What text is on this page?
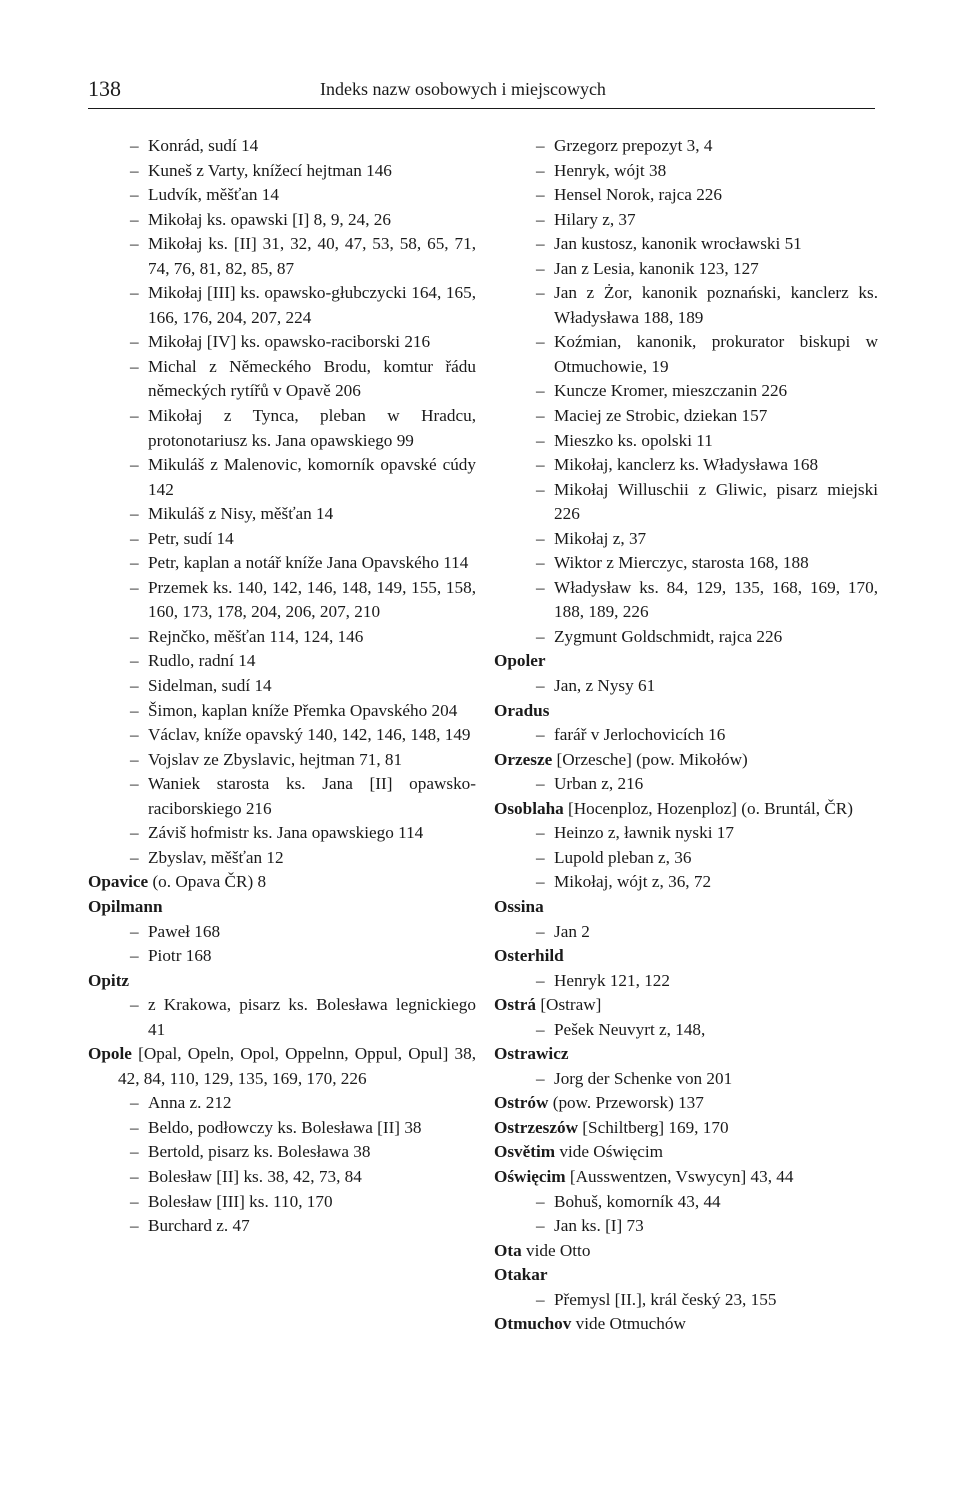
138	Indeks nazw osobowych i miejscowych

– Konrád, sudí 14

– Kuneš z Varty, knížecí hejtman 146

– Ludvík, měšťan 14

– Mikołaj ks. opawski [I] 8, 9, 24, 26

– Mikołaj ks. [II] 31, 32, 40, 47, 53, 58, 65, 71, 74, 76, 81, 82, 85, 87

– Mikołaj [III] ks. opawsko-głubczycki 164, 165, 166, 176, 204, 207, 224

– Mikołaj [IV] ks. opawsko-raciborski 216

– Michal z Německého Brodu, komtur řádu německých rytířů v Opavě 206

– Mikołaj z Tynca, pleban w Hradcu, protonotariusz ks. Jana opawskiego 99

– Mikuláš z Malenovic, komorník opavské cúdy 142

– Mikuláš z Nisy, měšťan 14

– Petr, sudí 14

– Petr, kaplan a notář kníže Jana Opavského 114

– Przemek ks. 140, 142, 146, 148, 149, 155, 158, 160, 173, 178, 204, 206, 207, 210

– Rejnčko, měšťan 114, 124, 146

– Rudlo, radní 14

– Sidelman, sudí 14

– Šimon, kaplan kníže Přemka Opavského 204

– Václav, kníže opavský 140, 142, 146, 148, 149

– Vojslav ze Zbyslavic, hejtman 71, 81

– Waniek starosta ks. Jana [II] opawsko-raciborskiego 216

– Záviš hofmistr ks. Jana opawskiego 114

– Zbyslav, měšťan 12

Opavice (o. Opava ČR) 8

Opilmann

– Paweł 168

– Piotr 168

Opitz

– z Krakowa, pisarz ks. Bolesława legnickiego 41

Opole [Opal, Opeln, Opol, Oppelnn, Oppul, Opul] 38, 42, 84, 110, 129, 135, 169, 170, 226

– Anna z. 212

– Beldo, podłowczy ks. Bolesława [II] 38

– Bertold, pisarz ks. Bolesława 38

– Bolesław [II] ks. 38, 42, 73, 84

– Bolesław [III] ks. 110, 170

– Burchard z. 47

– Grzegorz prepozyt 3, 4

– Henryk, wójt 38

– Hensel Norok, rajca 226

– Hilary z, 37

– Jan kustosz, kanonik wrocławski 51

– Jan z Lesia, kanonik 123, 127

– Jan z Żor, kanonik poznański, kanclerz ks. Władysława 188, 189

– Koźmian, kanonik, prokurator biskupi w Otmuchowie, 19

– Kuncze Kromer, mieszczanin 226

– Maciej ze Strobic, dziekan 157

– Mieszko ks. opolski 11

– Mikołaj, kanclerz ks. Władysława 168

– Mikołaj Willuschii z Gliwic, pisarz miejski 226

– Mikołaj z, 37

– Wiktor z Mierczyc, starosta 168, 188

– Władysław ks. 84, 129, 135, 168, 169, 170, 188, 189, 226

– Zygmunt Goldschmidt, rajca 226

Opoler

– Jan, z Nysy 61

Oradus

– farář v Jerlochovicích 16

Orzesze [Orzesche] (pow. Mikołów)

– Urban z, 216

Osoblaha [Hocenploz, Hozenploz] (o. Bruntál, ČR)

– Heinzo z, ławnik nyski 17

– Lupold pleban z, 36

– Mikołaj, wójt z, 36, 72

Ossina

– Jan 2

Osterhild

– Henryk 121, 122

Ostrá [Ostraw]

– Pešek Neuvyrt z, 148,

Ostrawicz

– Jorg der Schenke von 201

Ostrów (pow. Przeworsk) 137

Ostrzeszów [Schiltberg] 169, 170

Osvětim vide Oświęcim

Oświęcim [Ausswentzen, Vswycyn] 43, 44

– Bohuš, komorník 43, 44

– Jan ks. [I] 73

Ota vide Otto

Otakar

– Přemysl [II.], král český 23, 155

Otmuchov vide Otmuchów
